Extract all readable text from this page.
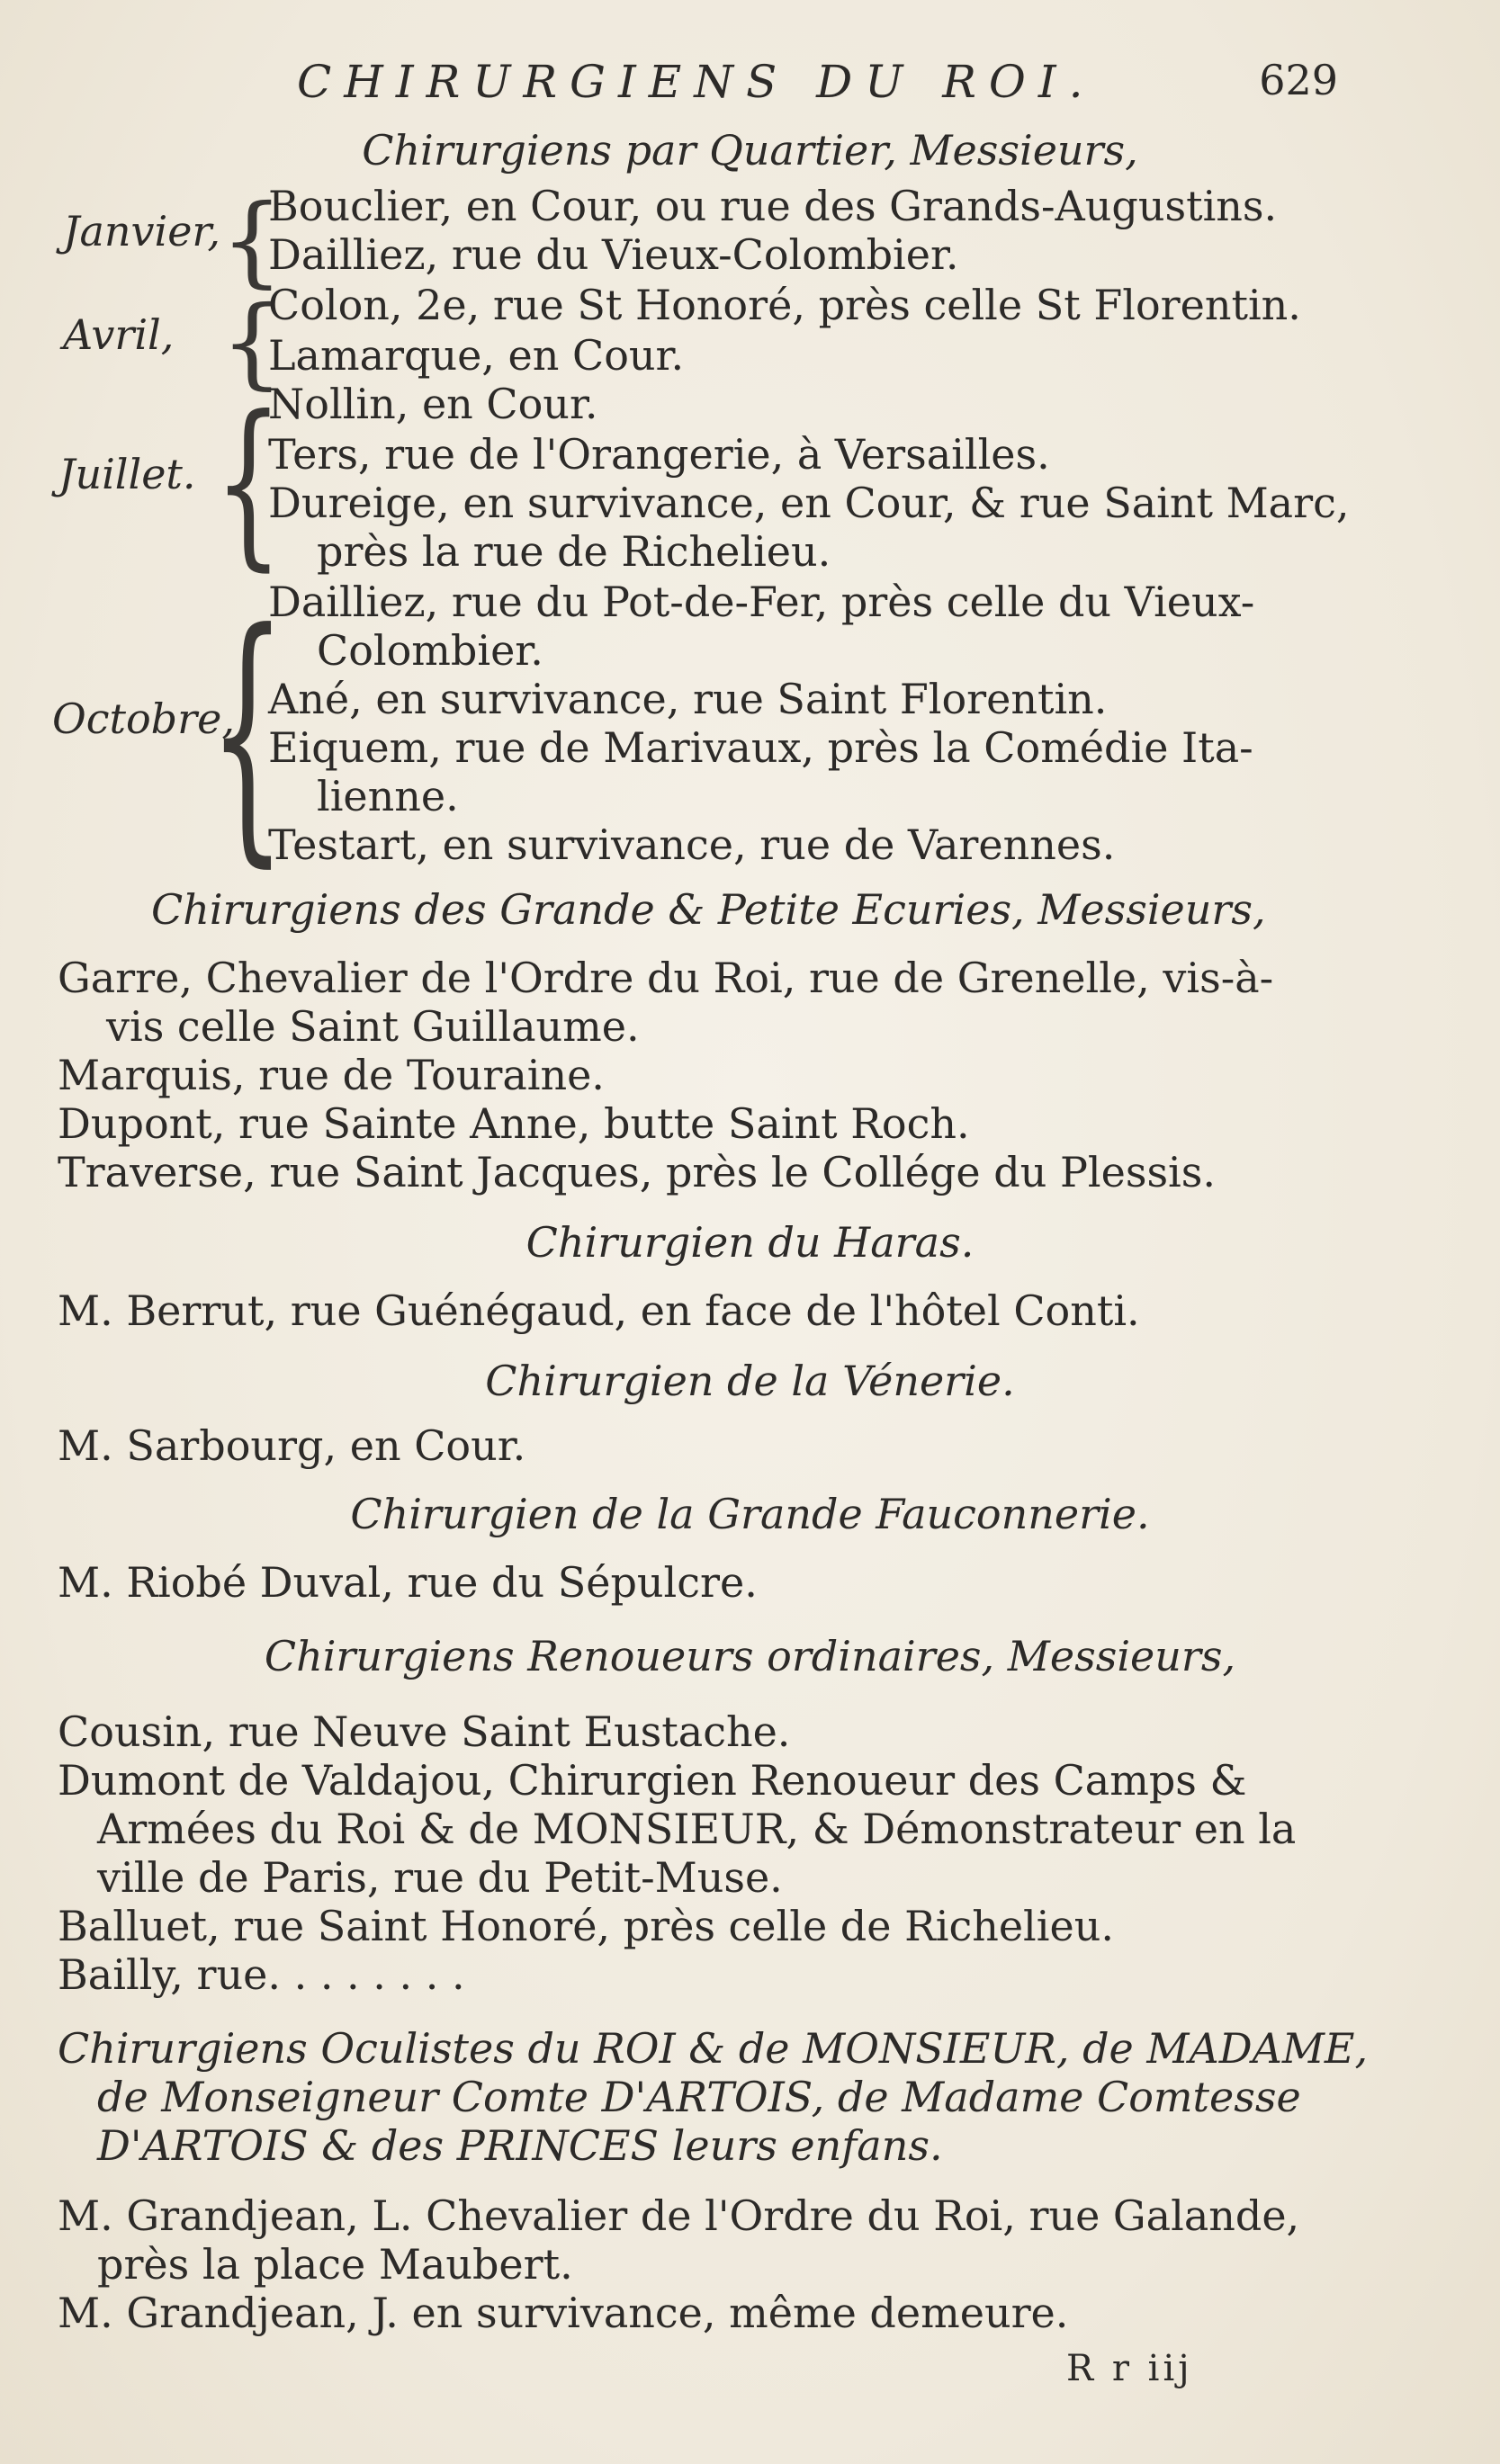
CHIRURGIENS DU ROI.	629
Chirurgiens par Quartier, Messieurs,
Janvier, {
Bouclier, en Cour, ou rue des Grands-Augustins.
Dailliez, rue du Vieux-Colombier.
Avril, {
Colon, 2e, rue St Honoré, près celle St Florentin.
Lamarque, en Cour.
Juillet. {
Nollin, en Cour.
Ters, rue de l'Orangerie, à Versailles.
Dureige, en survivance, en Cour, & rue Saint Marc,
près la rue de Richelieu.
Octobre,
{
Dailliez, rue du Pot-de-Fer, près celle du Vieux-
Colombier.
Ané, en survivance, rue Saint Florentin.
Eiquem, rue de Marivaux, près la Comédie Ita-
lienne.
Testart, en survivance, rue de Varennes.
Chirurgiens des Grande & Petite Ecuries, Messieurs,
Garre, Chevalier de l'Ordre du Roi, rue de Grenelle, vis-à-
vis celle Saint Guillaume.
Marquis, rue de Touraine.
Dupont, rue Sainte Anne, butte Saint Roch.
Traverse, rue Saint Jacques, près le Collége du Plessis.
Chirurgien du Haras.
M. Berrut, rue Guénégaud, en face de l'hôtel Conti.
Chirurgien de la Vénerie.
M. Sarbourg, en Cour.
Chirurgien de la Grande Fauconnerie.
M. Riobé Duval, rue du Sépulcre.
Chirurgiens Renoueurs ordinaires, Messieurs,
Cousin, rue Neuve Saint Eustache.
Dumont de Valdajou, Chirurgien Renoueur des Camps &
Armées du Roi & de MONSIEUR, & Démonstrateur en la
ville de Paris, rue du Petit-Muse.
Balluet, rue Saint Honoré, près celle de Richelieu.
Bailly, rue. . . . . . . .
Chirurgiens Oculistes du ROI & de MONSIEUR, de MADAME,
de Monseigneur Comte D'ARTOIS, de Madame Comtesse
D'ARTOIS & des PRINCES leurs enfans.
M. Grandjean, L. Chevalier de l'Ordre du Roi, rue Galande,
près la place Maubert.
M. Grandjean, J. en survivance, même demeure.
R r iij
